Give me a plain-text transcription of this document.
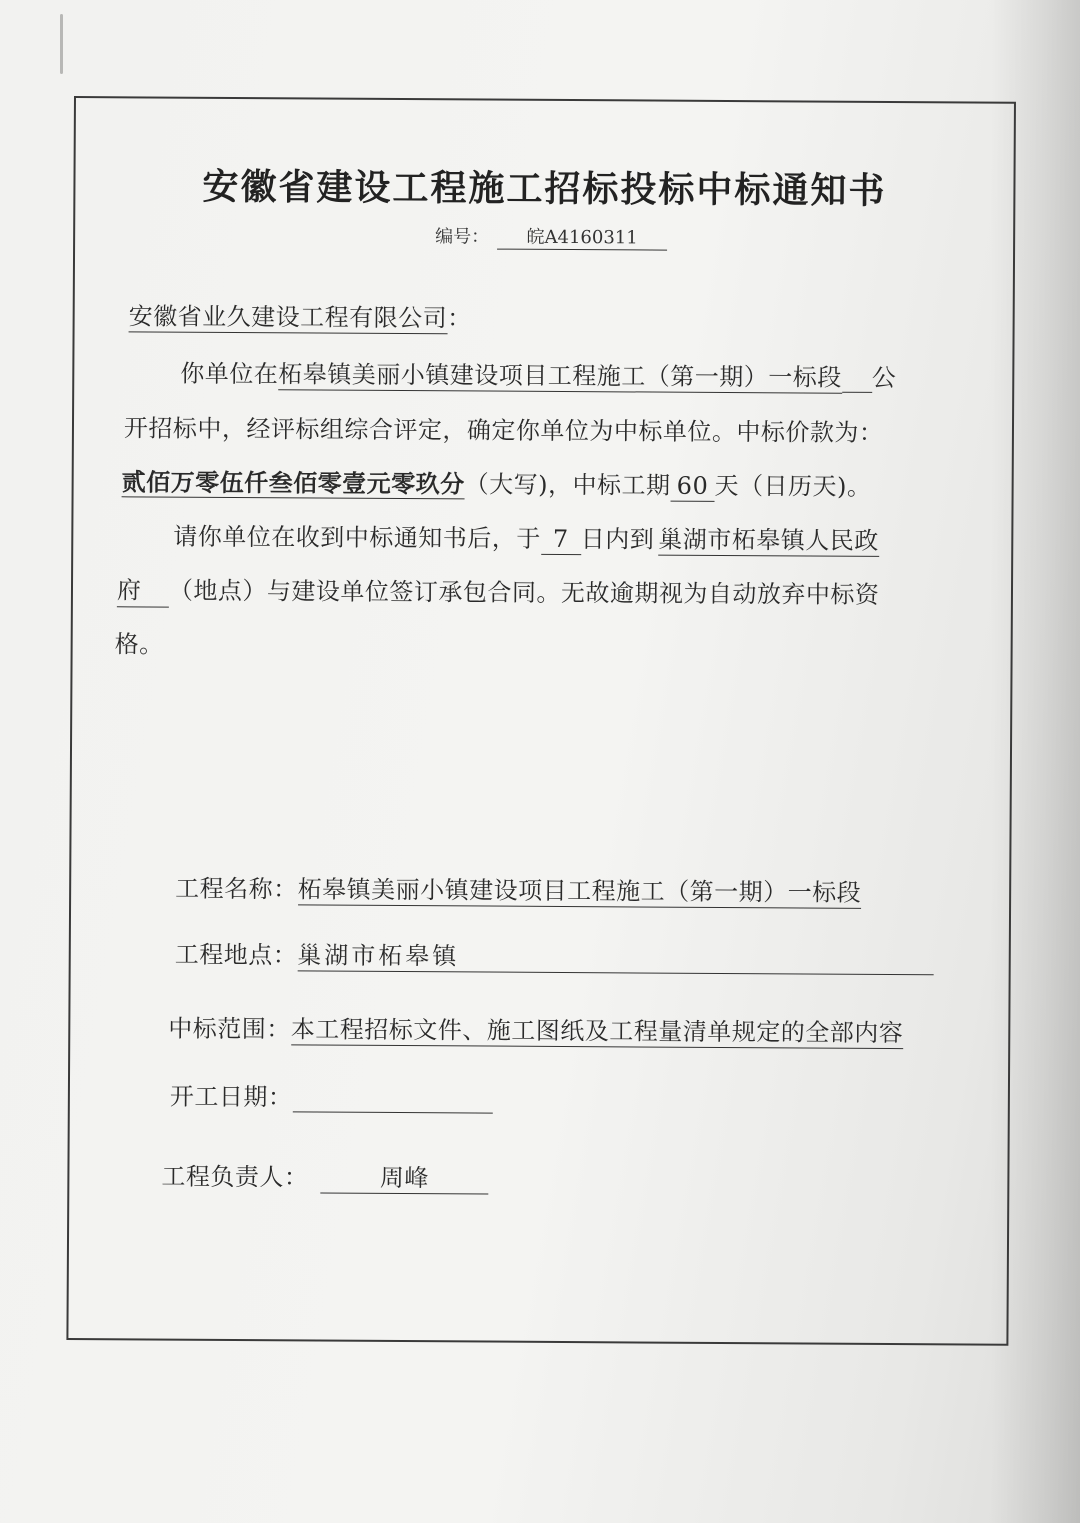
安徽省建设工程施工招标投标中标通知书
编号： 皖A4160311
安徽省业久建设工程有限公司：
你单位在柘皋镇美丽小镇建设项目工程施工（第一期）一标段 公
开招标中，经评标组综合评定，确定你单位为中标单位。中标价款为：
贰佰万零伍仟叁佰零壹元零玖分（大写)，中标工期 60 天（日历天)。
请你单位在收到中标通知书后，于 7 日内到 巢湖市柘皋镇人民政
府 （地点）与建设单位签订承包合同。无故逾期视为自动放弃中标资
格。
工程名称：柘皋镇美丽小镇建设项目工程施工（第一期）一标段
工程地点：巢湖市柘皋镇
中标范围：本工程招标文件、施工图纸及工程量清单规定的全部内容
开工日期：
工程负责人：	周峰
